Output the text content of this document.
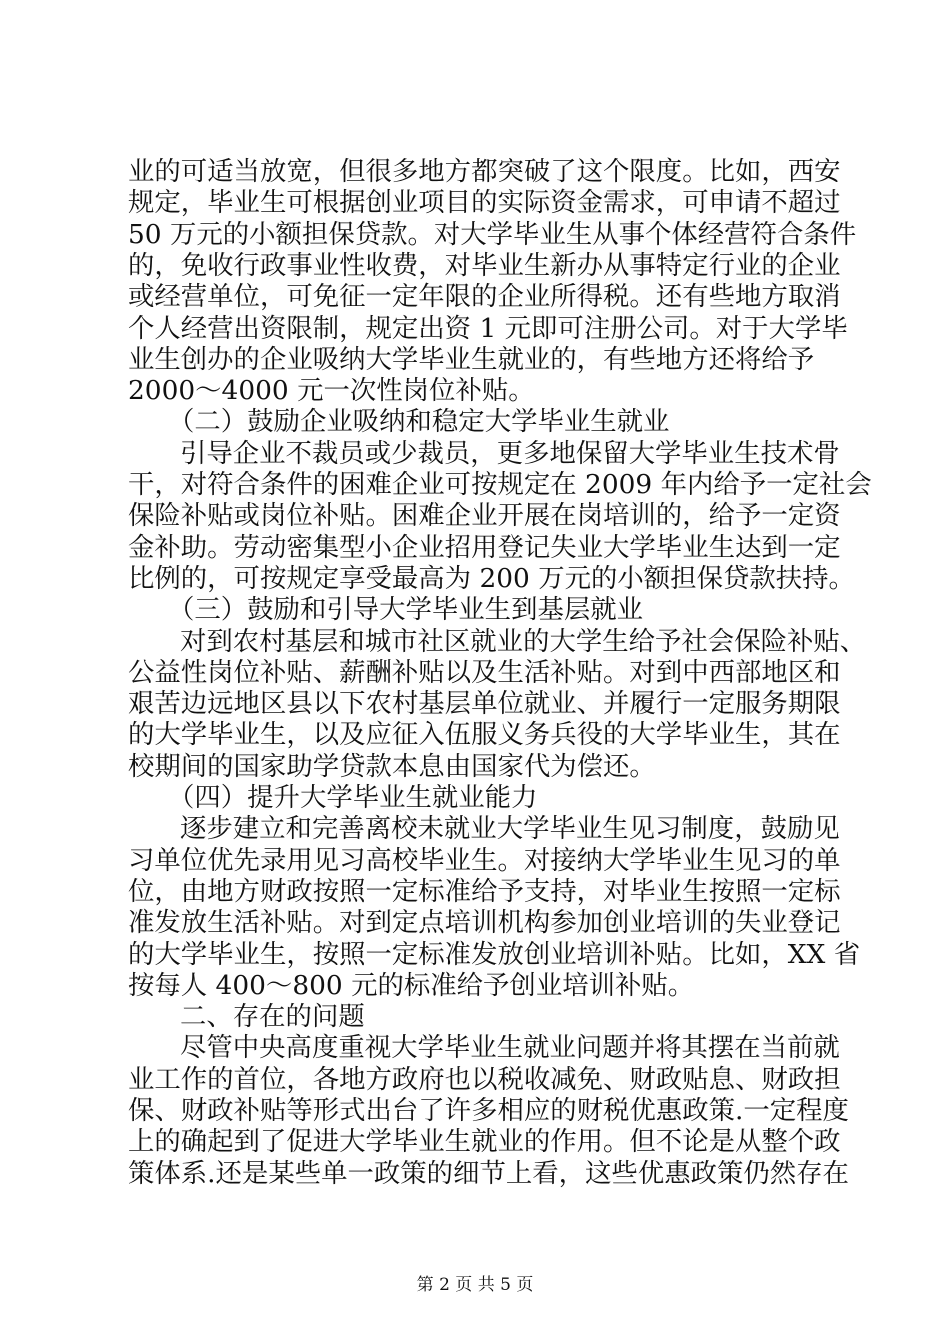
业的可适当放宽，但很多地方都突破了这个限度。比如，西安
规定，毕业生可根据创业项目的实际资金需求，可申请不超过
50 万元的小额担保贷款。对大学毕业生从事个体经营符合条件
的，免收行政事业性收费，对毕业生新办从事特定行业的企业
或经营单位，可免征一定年限的企业所得税。还有些地方取消
个人经营出资限制，规定出资 1 元即可注册公司。对于大学毕
业生创办的企业吸纳大学毕业生就业的，有些地方还将给予
2000～4000 元一次性岗位补贴。
（二）鼓励企业吸纳和稳定大学毕业生就业
引导企业不裁员或少裁员，更多地保留大学毕业生技术骨
干，对符合条件的困难企业可按规定在 2009 年内给予一定社会
保险补贴或岗位补贴。困难企业开展在岗培训的，给予一定资
金补助。劳动密集型小企业招用登记失业大学毕业生达到一定
比例的，可按规定享受最高为 200 万元的小额担保贷款扶持。
（三）鼓励和引导大学毕业生到基层就业
对到农村基层和城市社区就业的大学生给予社会保险补贴、
公益性岗位补贴、薪酬补贴以及生活补贴。对到中西部地区和
艰苦边远地区县以下农村基层单位就业、并履行一定服务期限
的大学毕业生，以及应征入伍服义务兵役的大学毕业生，其在
校期间的国家助学贷款本息由国家代为偿还。
（四）提升大学毕业生就业能力
逐步建立和完善离校未就业大学毕业生见习制度，鼓励见
习单位优先录用见习高校毕业生。对接纳大学毕业生见习的单
位，由地方财政按照一定标准给予支持，对毕业生按照一定标
准发放生活补贴。对到定点培训机构参加创业培训的失业登记
的大学毕业生，按照一定标准发放创业培训补贴。比如，XX 省
按每人 400～800 元的标准给予创业培训补贴。
二、存在的问题
尽管中央高度重视大学毕业生就业问题并将其摆在当前就
业工作的首位，各地方政府也以税收减免、财政贴息、财政担
保、财政补贴等形式出台了许多相应的财税优惠政策.一定程度
上的确起到了促进大学毕业生就业的作用。但不论是从整个政
策体系.还是某些单一政策的细节上看，这些优惠政策仍然存在
第 2 页 共 5 页
